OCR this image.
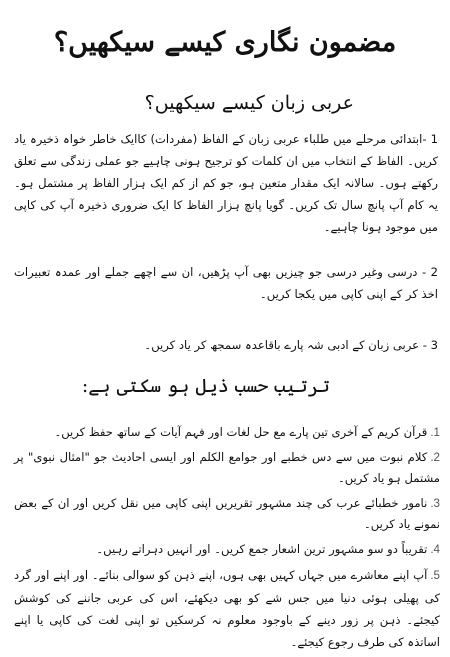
مضمون نگاری کیسے سیکھیں؟
عربی زبان کیسے سیکھیں؟

1 -ابتدائی مرحلے میں طلباء عربی زبان کے الفاظ (مفردات) کاایک خاطر خواہ ذخیرہ یاد کریں۔ الفاظ کے انتخاب میں ان کلمات کو ترجیح ہونی چاہیے جو عملی زندگی سے تعلق رکھتے ہوں۔ سالانہ ایک مقدار متعین ہو، جو کم از کم ایک ہزار الفاظ پر مشتمل ہو۔ یہ کام آپ پانچ سال تک کریں۔ گویا پانچ ہزار الفاظ کا ایک ضروری ذخیرہ آپ کی کاپی میں موجود ہونا چاہیے۔

2 - درسی وغیر درسی جو چیزیں بھی آپ پڑھیں، ان سے اچھے جملے اور عمدہ تعبیرات اخذ کر کے اپنی کاپی میں یکجا کریں۔

3 - عربی زبان کے ادبی شہ پارے باقاعدہ سمجھ کر یاد کریں۔

ترتیب حسب ذیل ہو سکتی ہے:
1.قرآن کریم کے آخری تین پارے مع حل لغات اور فہم آیات کے ساتھ حفظ کریں۔
2.کلام نبوت میں سے دس خطبے اور جوامع الکلم اور ایسی احادیث جو "امثال نبوی" پر مشتمل ہو یاد کریں۔
3.نامور خطبائے عرب کی چند مشہور تقریریں اپنی کاپی میں نقل کریں اور ان کے بعض نمونے یاد کریں۔
4.تقریباً دو سو مشہور ترین اشعار جمع کریں۔ اور انہیں دہراتے رہیں۔
5.آپ اپنے معاشرے میں جہاں کہیں بھی ہوں، اپنے ذہن کو سوالی بنائے۔ اور اپنے اور گرد کی پھیلی ہوئی دنیا میں جس شے کو بھی دیکھئے، اس کی عربی جاننے کی کوشش کیجئے۔ ذہن پر زور دینے کے باوجود معلوم نہ کرسکیں تو اپنی لغت کی کاپی یا اپنے اساتذہ کی طرف رجوع کیجئے۔
